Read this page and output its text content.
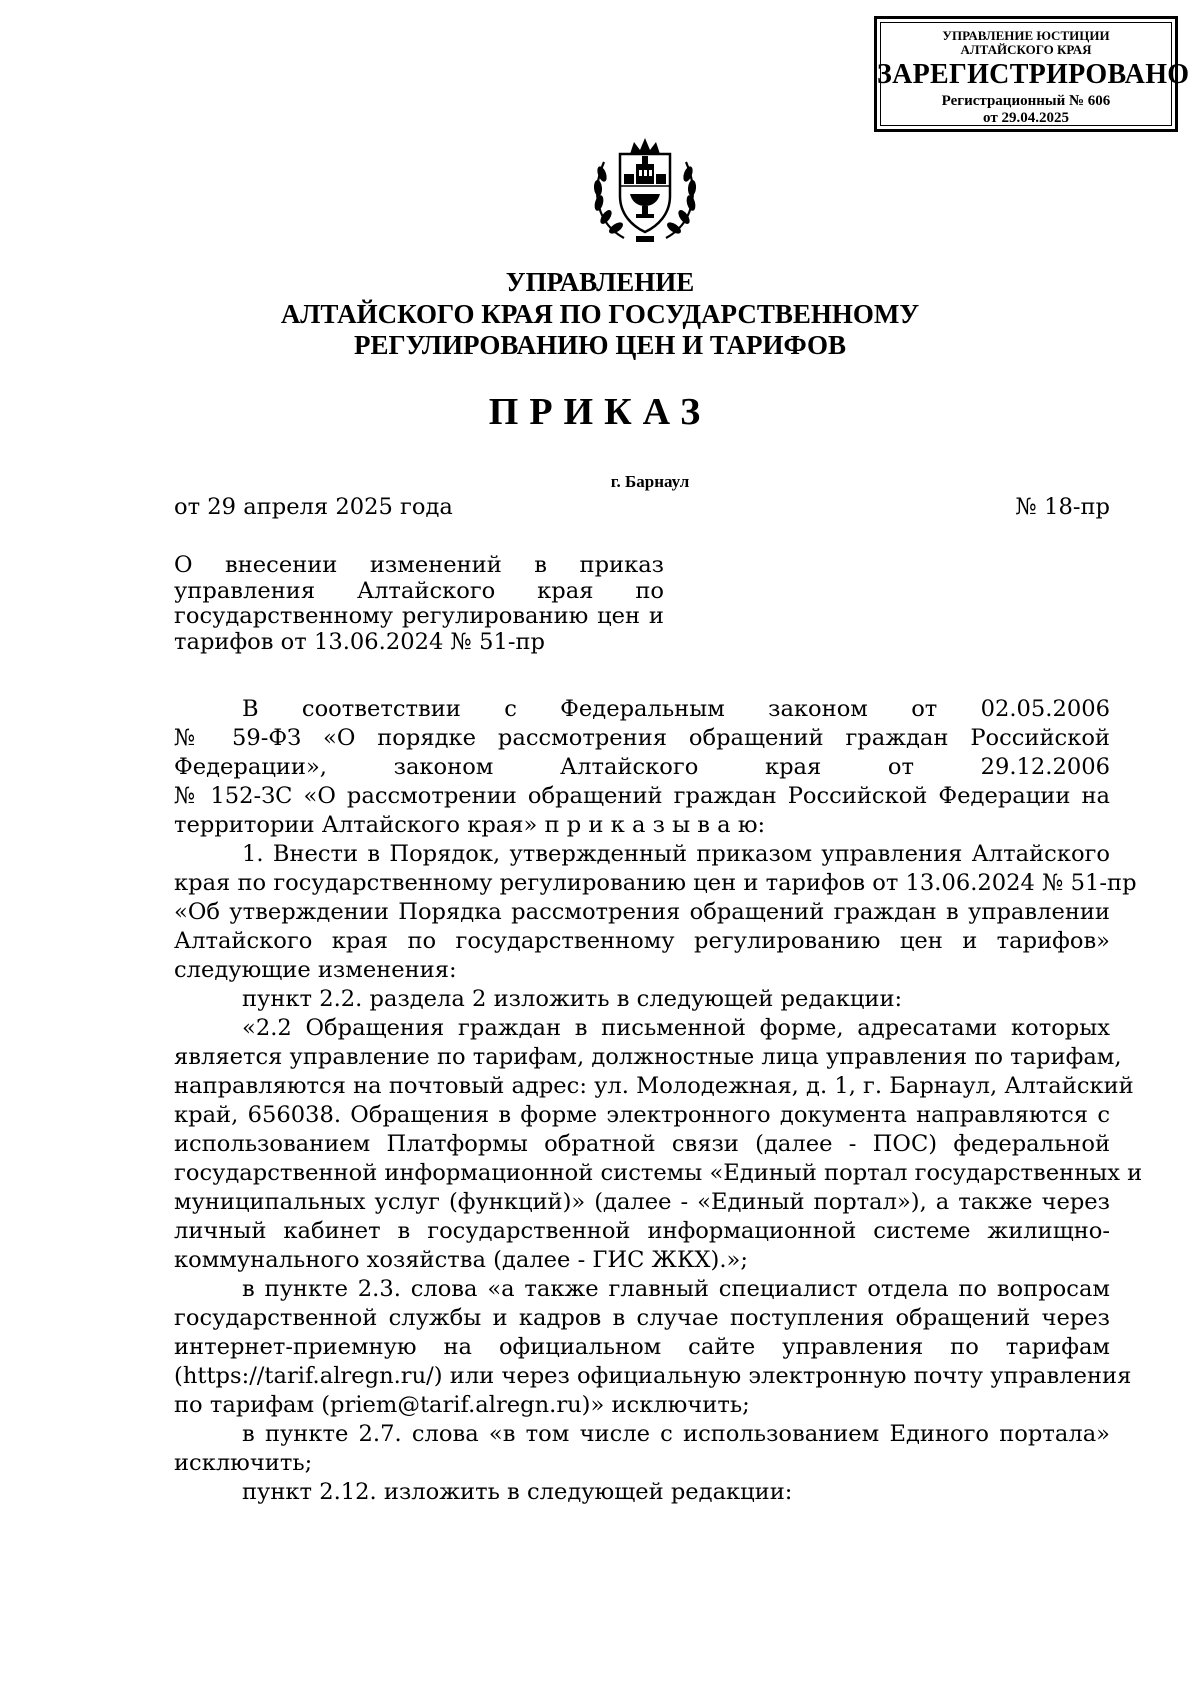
УПРАВЛЕНИЕ ЮСТИЦИИ
АЛТАЙСКОГО КРАЯ
ЗАРЕГИСТРИРОВАНО
Регистрационный № 606
от 29.04.2025
УПРАВЛЕНИЕ
АЛТАЙСКОГО КРАЯ ПО ГОСУДАРСТВЕННОМУ
РЕГУЛИРОВАНИЮ ЦЕН И ТАРИФОВ
ПРИКАЗ
г. Барнаул
от 29 апреля 2025 года	№ 18-пр
О внесении изменений в приказ управления Алтайского края по государственному регулированию цен и тарифов от 13.06.2024 № 51-пр
В соответствии с Федеральным законом от 02.05.2006
№ 59-ФЗ «О порядке рассмотрения обращений граждан Российской
Федерации», законом Алтайского края от 29.12.2006
№ 152-ЗС «О рассмотрении обращений граждан Российской Федерации на
территории Алтайского края» п р и к а з ы в а ю:
1. Внести в Порядок, утвержденный приказом управления Алтайского
края по государственному регулированию цен и тарифов от 13.06.2024 № 51-пр
«Об утверждении Порядка рассмотрения обращений граждан в управлении
Алтайского края по государственному регулированию цен и тарифов»
следующие изменения:
пункт 2.2. раздела 2 изложить в следующей редакции:
«2.2 Обращения граждан в письменной форме, адресатами которых
является управление по тарифам, должностные лица управления по тарифам,
направляются на почтовый адрес: ул. Молодежная, д. 1, г. Барнаул, Алтайский
край, 656038. Обращения в форме электронного документа направляются с
использованием Платформы обратной связи (далее - ПОС) федеральной
государственной информационной системы «Единый портал государственных и
муниципальных услуг (функций)» (далее - «Единый портал»), а также через
личный кабинет в государственной информационной системе жилищно-
коммунального хозяйства (далее - ГИС ЖКХ).»;
в пункте 2.3. слова «а также главный специалист отдела по вопросам
государственной службы и кадров в случае поступления обращений через
интернет-приемную на официальном сайте управления по тарифам
(https://tarif.alregn.ru/) или через официальную электронную почту управления
по тарифам (priem@tarif.alregn.ru)» исключить;
в пункте 2.7. слова «в том числе с использованием Единого портала»
исключить;
пункт 2.12. изложить в следующей редакции:
